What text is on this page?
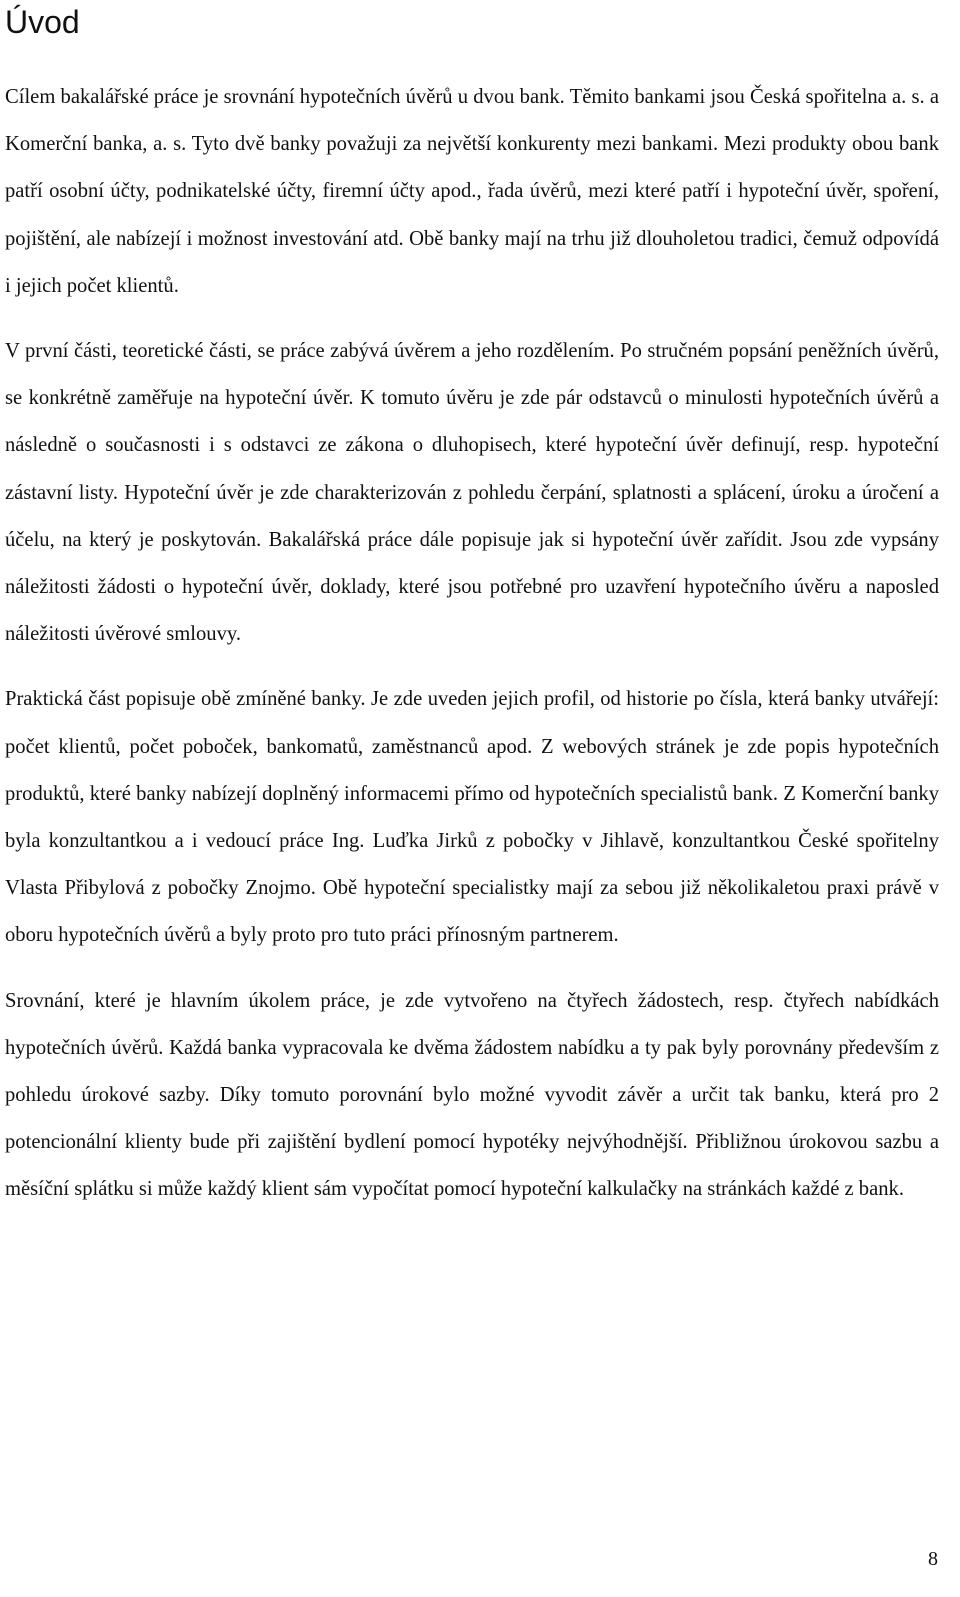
Úvod

Cílem bakalářské práce je srovnání hypotečních úvěrů u dvou bank. Těmito bankami jsou Česká spořitelna a. s. a Komerční banka, a. s. Tyto dvě banky považuji za největší konkurenty mezi bankami. Mezi produkty obou bank patří osobní účty, podnikatelské účty, firemní účty apod., řada úvěrů, mezi které patří i hypoteční úvěr, spoření, pojištění, ale nabízejí i možnost investování atd. Obě banky mají na trhu již dlouholetou tradici, čemuž odpovídá i jejich počet klientů.

V první části, teoretické části, se práce zabývá úvěrem a jeho rozdělením. Po stručném popsání peněžních úvěrů, se konkrétně zaměřuje na hypoteční úvěr. K tomuto úvěru je zde pár odstavců o minulosti hypotečních úvěrů a následně o současnosti i s odstavci ze zákona o dluhopisech, které hypoteční úvěr definují, resp. hypoteční zástavní listy. Hypoteční úvěr je zde charakterizován z pohledu čerpání, splatnosti a splácení, úroku a úročení a účelu, na který je poskytován. Bakalářská práce dále popisuje jak si hypoteční úvěr zařídit. Jsou zde vypsány náležitosti žádosti o hypoteční úvěr, doklady, které jsou potřebné pro uzavření hypotečního úvěru a naposled náležitosti úvěrové smlouvy.

Praktická část popisuje obě zmíněné banky. Je zde uveden jejich profil, od historie po čísla, která banky utvářejí: počet klientů, počet poboček, bankomatů, zaměstnanců apod. Z webových stránek je zde popis hypotečních produktů, které banky nabízejí doplněný informacemi přímo od hypotečních specialistů bank. Z Komerční banky byla konzultantkou a i vedoucí práce Ing. Luďka Jirků z pobočky v Jihlavě, konzultantkou České spořitelny Vlasta Přibylová z pobočky Znojmo. Obě hypoteční specialistky mají za sebou již několikaletou praxi právě v oboru hypotečních úvěrů a byly proto pro tuto práci přínosným partnerem.

Srovnání, které je hlavním úkolem práce, je zde vytvořeno na čtyřech žádostech, resp. čtyřech nabídkách hypotečních úvěrů. Každá banka vypracovala ke dvěma žádostem nabídku a ty pak byly porovnány především z pohledu úrokové sazby. Díky tomuto porovnání bylo možné vyvodit závěr a určit tak banku, která pro 2 potencionální klienty bude při zajištění bydlení pomocí hypotéky nejvýhodnější. Přibližnou úrokovou sazbu a měsíční splátku si může každý klient sám vypočítat pomocí hypoteční kalkulačky na stránkách každé z bank.

8
